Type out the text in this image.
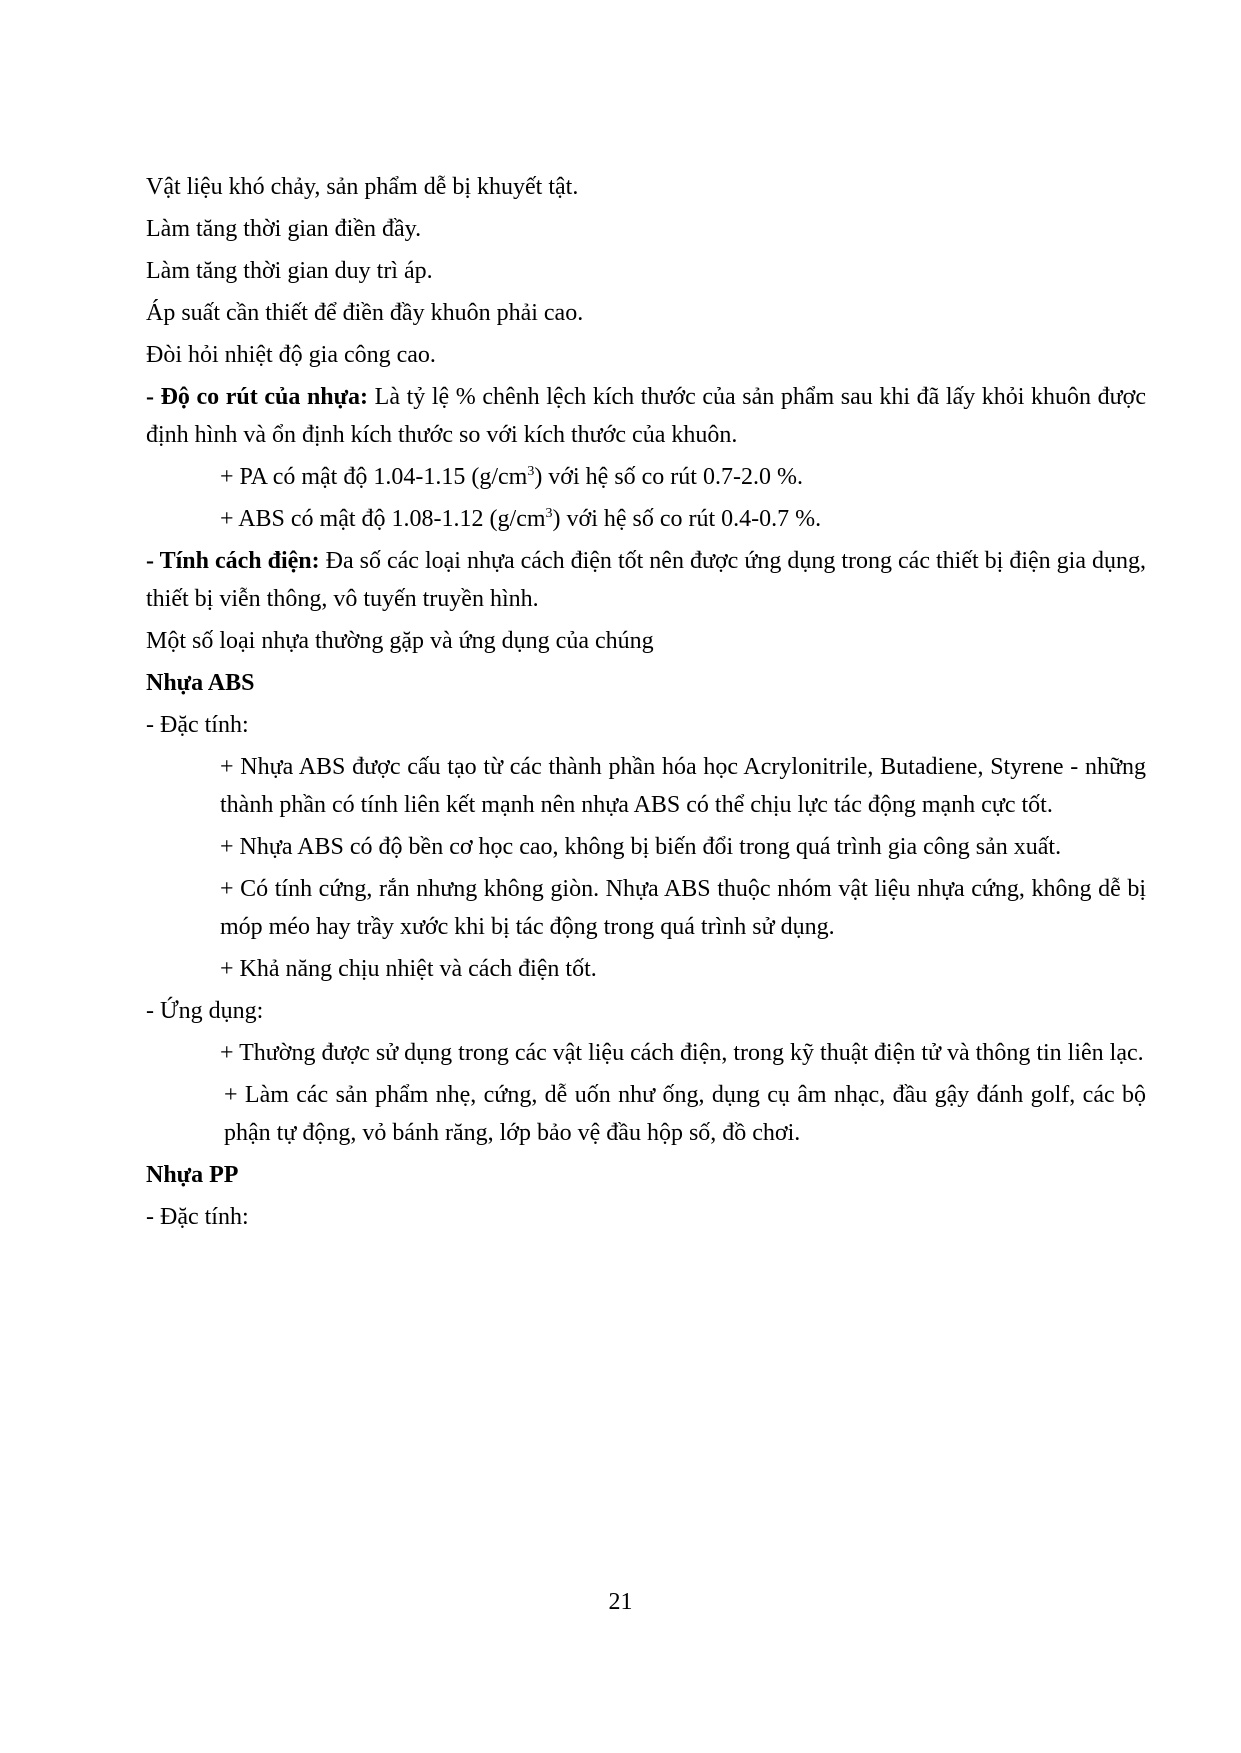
Vật liệu khó chảy, sản phẩm dễ bị khuyết tật.

Làm tăng thời gian điền đầy.

Làm tăng thời gian duy trì áp.

Áp suất cần thiết để điền đầy khuôn phải cao.

Đòi hỏi nhiệt độ gia công cao.

- Độ co rút của nhựa: Là tỷ lệ % chênh lệch kích thước của sản phẩm sau khi đã lấy khỏi khuôn được định hình và ổn định kích thước so với kích thước của khuôn.

+ PA có mật độ 1.04-1.15 $(g/cm^3)$ với hệ số co rút 0.7-2.0 %.

+ ABS có mật độ 1.08-1.12 $(g/cm^3)$ với hệ số co rút 0.4-0.7 %.

- Tính cách điện: Đa số các loại nhựa cách điện tốt nên được ứng dụng trong các thiết bị điện gia dụng, thiết bị viễn thông, vô tuyến truyền hình.

Một số loại nhựa thường gặp và ứng dụng của chúng

Nhựa ABS

- Đặc tính:

+ Nhựa ABS được cấu tạo từ các thành phần hóa học Acrylonitrile, Butadiene, Styrene - những thành phần có tính liên kết mạnh nên nhựa ABS có thể chịu lực tác động mạnh cực tốt.

+ Nhựa ABS có độ bền cơ học cao, không bị biến đổi trong quá trình gia công sản xuất.

+ Có tính cứng, rắn nhưng không giòn. Nhựa ABS thuộc nhóm vật liệu nhựa cứng, không dễ bị móp méo hay trầy xước khi bị tác động trong quá trình sử dụng.

+ Khả năng chịu nhiệt và cách điện tốt.

- Ứng dụng:

+ Thường được sử dụng trong các vật liệu cách điện, trong kỹ thuật điện tử và thông tin liên lạc.

+ Làm các sản phẩm nhẹ, cứng, dễ uốn như ống, dụng cụ âm nhạc, đầu gậy đánh golf, các bộ phận tự động, vỏ bánh răng, lớp bảo vệ đầu hộp số, đồ chơi.

Nhựa PP

- Đặc tính:

21
